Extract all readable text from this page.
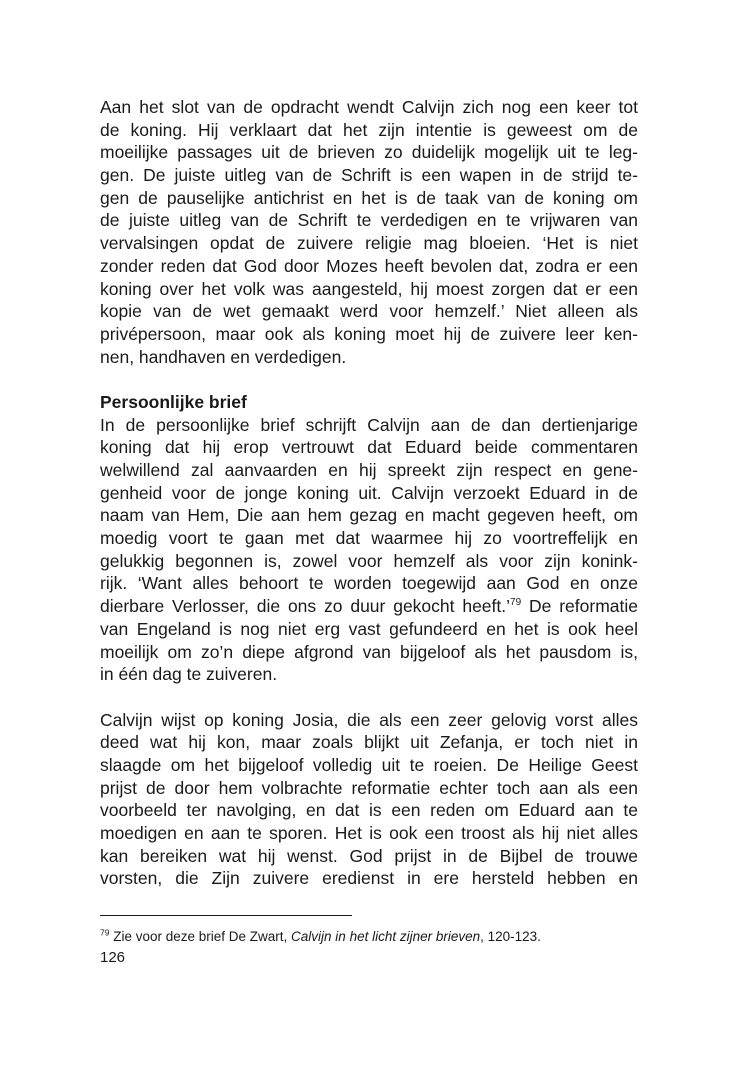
Aan het slot van de opdracht wendt Calvijn zich nog een keer tot
de koning. Hij verklaart dat het zijn intentie is geweest om de
moeilijke passages uit de brieven zo duidelijk mogelijk uit te leg-
gen. De juiste uitleg van de Schrift is een wapen in de strijd te-
gen de pauselijke antichrist en het is de taak van de koning om
de juiste uitleg van de Schrift te verdedigen en te vrijwaren van
vervalsingen opdat de zuivere religie mag bloeien. ‘Het is niet
zonder reden dat God door Mozes heeft bevolen dat, zodra er een
koning over het volk was aangesteld, hij moest zorgen dat er een
kopie van de wet gemaakt werd voor hemzelf.’ Niet alleen als
privépersoon, maar ook als koning moet hij de zuivere leer ken-
nen, handhaven en verdedigen.
Persoonlijke brief
In de persoonlijke brief schrijft Calvijn aan de dan dertienjarige
koning dat hij erop vertrouwt dat Eduard beide commentaren
welwillend zal aanvaarden en hij spreekt zijn respect en gene-
genheid voor de jonge koning uit. Calvijn verzoekt Eduard in de
naam van Hem, Die aan hem gezag en macht gegeven heeft, om
moedig voort te gaan met dat waarmee hij zo voortreffelijk en
gelukkig begonnen is, zowel voor hemzelf als voor zijn konink-
rijk. ‘Want alles behoort te worden toegewijd aan God en onze
dierbare Verlosser, die ons zo duur gekocht heeft.’$^{79}$ De reformatie
van Engeland is nog niet erg vast gefundeerd en het is ook heel
moeilijk om zo’n diepe afgrond van bijgeloof als het pausdom is,
in één dag te zuiveren.
Calvijn wijst op koning Josia, die als een zeer gelovig vorst alles
deed wat hij kon, maar zoals blijkt uit Zefanja, er toch niet in
slaagde om het bijgeloof volledig uit te roeien. De Heilige Geest
prijst de door hem volbrachte reformatie echter toch aan als een
voorbeeld ter navolging, en dat is een reden om Eduard aan te
moedigen en aan te sporen. Het is ook een troost als hij niet alles
kan bereiken wat hij wenst. God prijst in de Bijbel de trouwe
vorsten, die Zijn zuivere eredienst in ere hersteld hebben en
$^{79}$ Zie voor deze brief De Zwart, Calvijn in het licht zijner brieven, 120-123.
126
